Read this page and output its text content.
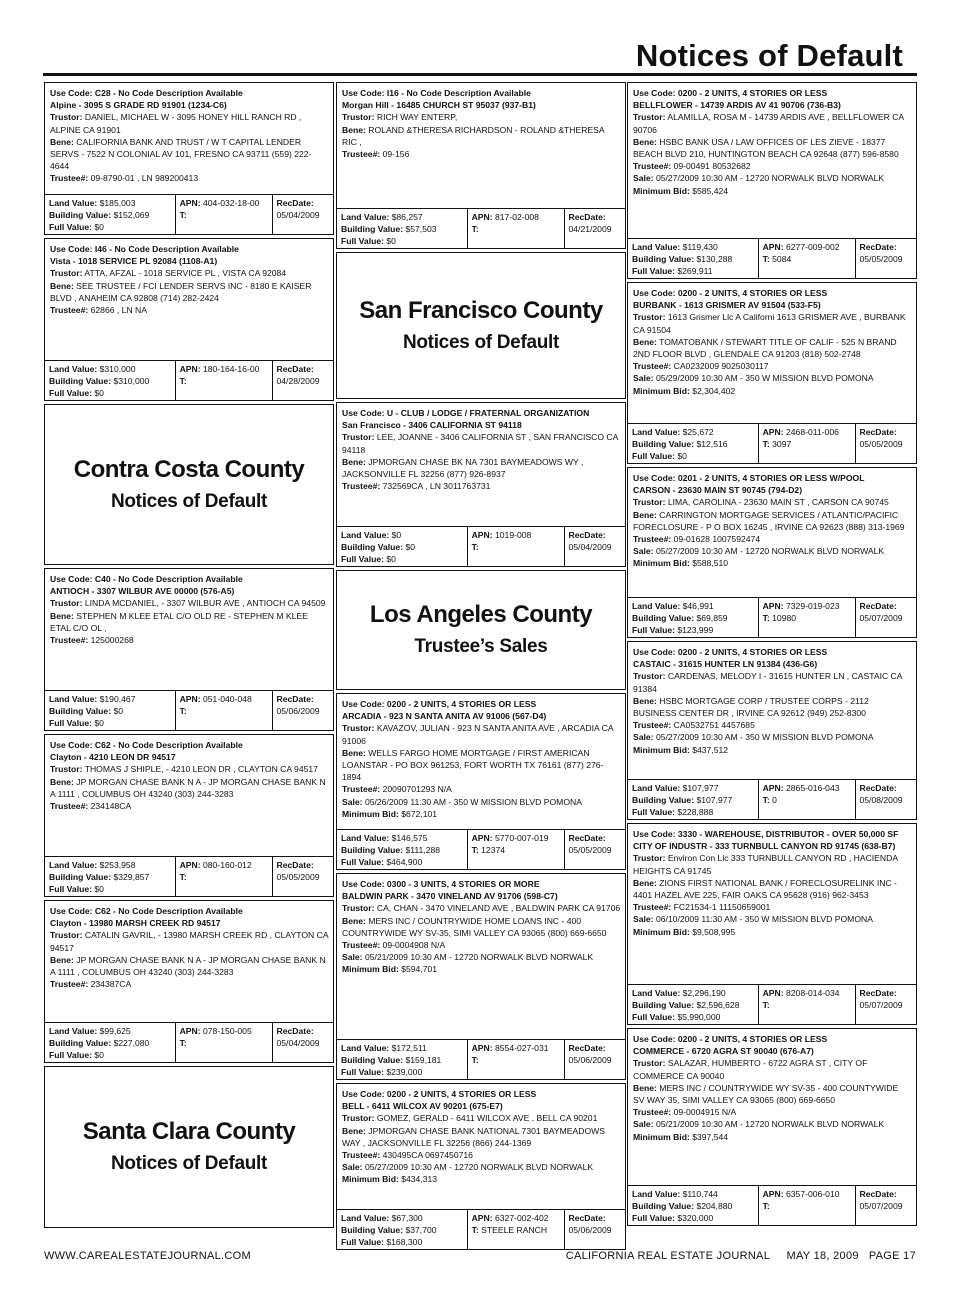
Notices of Default
Use Code: C28 - No Code Description Available
Alpine - 3095 S GRADE RD 91901 (1234-C6)
Trustor: DANIEL, MICHAEL W - 3095 HONEY HILL RANCH RD , ALPINE CA 91901
Bene: CALIFORNIA BANK AND TRUST / W T CAPITAL LENDER SERVS - 7522 N COLONIAL AV 101, FRESNO CA 93711 (559) 222-4644
Trustee#: 09-8790-01 , LN 989200413
Land Value: $185,003
Building Value: $152,069
Full Value: $0
APN: 404-032-18-00
T:
RecDate:
05/04/2009
Use Code: I46 - No Code Description Available
Vista - 1018 SERVICE PL 92084 (1108-A1)
Trustor: ATTA, AFZAL - 1018 SERVICE PL , VISTA CA 92084
Bene: SEE TRUSTEE / FCI LENDER SERVS INC - 8180 E KAISER BLVD , ANAHEIM CA 92808 (714) 282-2424
Trustee#: 62866 , LN NA
Land Value: $310,000
Building Value: $310,000
Full Value: $0
APN: 180-164-16-00
T:
RecDate:
04/28/2009
Contra Costa County
Notices of Default
Use Code: C40 - No Code Description Available
ANTIOCH - 3307 WILBUR AVE 00000 (576-A5)
Trustor: LINDA MCDANIEL, - 3307 WILBUR AVE , ANTIOCH CA 94509
Bene: STEPHEN M KLEE ETAL C/O OLD RE - STEPHEN M KLEE ETAL C/O OL ,
Trustee#: 125000268
Land Value: $190,467
Building Value: $0
Full Value: $0
APN: 051-040-048
T:
RecDate:
05/06/2009
Use Code: C62 - No Code Description Available
Clayton - 4210 LEON DR 94517
Trustor: THOMAS J SHIPLE, - 4210 LEON DR , CLAYTON CA 94517
Bene: JP MORGAN CHASE BANK N A - JP MORGAN CHASE BANK N A 1111 , COLUMBUS OH 43240 (303) 244-3283
Trustee#: 234148CA
Land Value: $253,958
Building Value: $329,857
Full Value: $0
APN: 080-160-012
T:
RecDate:
05/05/2009
Use Code: C62 - No Code Description Available
Clayton - 13980 MARSH CREEK RD 94517
Trustor: CATALIN GAVRIL, - 13980 MARSH CREEK RD , CLAYTON CA 94517
Bene: JP MORGAN CHASE BANK N A - JP MORGAN CHASE BANK N A 1111 , COLUMBUS OH 43240 (303) 244-3283
Trustee#: 234387CA
Land Value: $99,625
Building Value: $227,080
Full Value: $0
APN: 078-150-005
T:
RecDate:
05/04/2009
Santa Clara County
Notices of Default
Use Code: I16 - No Code Description Available
Morgan Hill - 16485 CHURCH ST 95037 (937-B1)
Trustor: RICH WAY ENTERP,
Bene: ROLAND &THERESA RICHARDSON - ROLAND &THERESA RIC ,
Trustee#: 09-156
Land Value: $86,257
Building Value: $57,503
Full Value: $0
APN: 817-02-008
T:
RecDate:
04/21/2009
San Francisco County
Notices of Default
Use Code: U - CLUB / LODGE / FRATERNAL ORGANIZATION
San Francisco - 3406 CALIFORNIA ST 94118
Trustor: LEE, JOANNE - 3406 CALIFORNIA ST , SAN FRANCISCO CA 94118
Bene: JPMORGAN CHASE BK NA 7301 BAYMEADOWS WY , JACKSONVILLE FL 32256 (877) 926-8937
Trustee#: 732569CA , LN 3011763731
Land Value: $0
Building Value: $0
Full Value: $0
APN: 1019-008
T:
RecDate:
05/04/2009
Los Angeles County
Trustee’s Sales
Use Code: 0200 - 2 UNITS, 4 STORIES OR LESS
ARCADIA - 923 N SANTA ANITA AV 91006 (567-D4)
Trustor: KAVAZOV, JULIAN - 923 N SANTA ANITA AVE , ARCADIA CA 91006
Bene: WELLS FARGO HOME MORTGAGE / FIRST AMERICAN LOANSTAR - PO BOX 961253, FORT WORTH TX 76161 (877) 276-1894
Trustee#: 20090701293 N/A
Sale: 05/26/2009 11:30 AM - 350 W MISSION BLVD POMONA
Minimum Bid: $672,101
Land Value: $146,575
Building Value: $111,288
Full Value: $464,900
APN: 5770-007-019
T: 12374
RecDate:
05/05/2009
Use Code: 0300 - 3 UNITS, 4 STORIES OR MORE
BALDWIN PARK - 3470 VINELAND AV 91706 (598-C7)
Trustor: CA, CHAN - 3470 VINELAND AVE , BALDWIN PARK CA 91706
Bene: MERS INC / COUNTRYWIDE HOME LOANS INC - 400 COUNTRYWIDE WY SV-35, SIMI VALLEY CA 93065 (800) 669-6650
Trustee#: 09-0004908 N/A
Sale: 05/21/2009 10:30 AM - 12720 NORWALK BLVD NORWALK
Minimum Bid: $594,701
Land Value: $172,511
Building Value: $159,181
Full Value: $239,000
APN: 8554-027-031
T:
RecDate:
05/06/2009
Use Code: 0200 - 2 UNITS, 4 STORIES OR LESS
BELL - 6411 WILCOX AV 90201 (675-E7)
Trustor: GOMEZ, GERALD - 6411 WILCOX AVE , BELL CA 90201
Bene: JPMORGAN CHASE BANK NATIONAL 7301 BAYMEADOWS WAY , JACKSONVILLE FL 32256 (866) 244-1369
Trustee#: 430495CA 0697450716
Sale: 05/27/2009 10:30 AM - 12720 NORWALK BLVD NORWALK
Minimum Bid: $434,313
Land Value: $67,300
Building Value: $37,700
Full Value: $168,300
APN: 6327-002-402
T: STEELE RANCH
RecDate:
05/06/2009
Use Code: 0200 - 2 UNITS, 4 STORIES OR LESS
BELLFLOWER - 14739 ARDIS AV 41 90706 (736-B3)
Trustor: ALAMILLA, ROSA M - 14739 ARDIS AVE , BELLFLOWER CA 90706
Bene: HSBC BANK USA / LAW OFFICES OF LES ZIEVE - 18377 BEACH BLVD 210, HUNTINGTON BEACH CA 92648 (877) 596-8580
Trustee#: 09-00491 80532682
Sale: 05/27/2009 10:30 AM - 12720 NORWALK BLVD NORWALK
Minimum Bid: $585,424
Land Value: $119,430
Building Value: $130,288
Full Value: $269,911
APN: 6277-009-002
T: 5084
RecDate:
05/05/2009
Use Code: 0200 - 2 UNITS, 4 STORIES OR LESS
BURBANK - 1613 GRISMER AV 91504 (533-F5)
Trustor: 1613 Grismer Llc A Californi 1613 GRISMER AVE , BURBANK CA 91504
Bene: TOMATOBANK / STEWART TITLE OF CALIF - 525 N BRAND 2ND FLOOR BLVD , GLENDALE CA 91203 (818) 502-2748
Trustee#: CA0232009 9025030117
Sale: 05/29/2009 10:30 AM - 350 W MISSION BLVD POMONA
Minimum Bid: $2,304,402
Land Value: $25,672
Building Value: $12,516
Full Value: $0
APN: 2468-011-006
T: 3097
RecDate:
05/05/2009
Use Code: 0201 - 2 UNITS, 4 STORIES OR LESS W/POOL
CARSON - 23630 MAIN ST 90745 (794-D2)
Trustor: LIMA, CAROLINA - 23630 MAIN ST , CARSON CA 90745
Bene: CARRINGTON MORTGAGE SERVICES / ATLANTIC/PACIFIC FORECLOSURE - P O BOX 16245 , IRVINE CA 92623 (888) 313-1969
Trustee#: 09-01628 1007592474
Sale: 05/27/2009 10:30 AM - 12720 NORWALK BLVD NORWALK
Minimum Bid: $588,510
Land Value: $46,991
Building Value: $69,859
Full Value: $123,999
APN: 7329-019-023
T: 10980
RecDate:
05/07/2009
Use Code: 0200 - 2 UNITS, 4 STORIES OR LESS
CASTAIC - 31615 HUNTER LN 91384 (436-G6)
Trustor: CARDENAS, MELODY I - 31615 HUNTER LN , CASTAIC CA 91384
Bene: HSBC MORTGAGE CORP / TRUSTEE CORPS - 2112 BUSINESS CENTER DR , IRVINE CA 92612 (949) 252-8300
Trustee#: CA0532751 4457685
Sale: 05/27/2009 10:30 AM - 350 W MISSION BLVD POMONA
Minimum Bid: $437,512
Land Value: $107,977
Building Value: $107,977
Full Value: $228,888
APN: 2865-016-043
T: 0
RecDate:
05/08/2009
Use Code: 3330 - WAREHOUSE, DISTRIBUTOR - OVER 50,000 SF
CITY OF INDUSTR - 333 TURNBULL CANYON RD 91745 (638-B7)
Trustor: Environ Con Llc 333 TURNBULL CANYON RD , HACIENDA HEIGHTS CA 91745
Bene: ZIONS FIRST NATIONAL BANK / FORECLOSURELINK INC - 4401 HAZEL AVE 225, FAIR OAKS CA 95628 (916) 962-3453
Trustee#: FC21534-1 11150659001
Sale: 06/10/2009 11:30 AM - 350 W MISSION BLVD POMONA
Minimum Bid: $9,508,995
Land Value: $2,296,190
Building Value: $2,596,628
Full Value: $5,990,000
APN: 8208-014-034
T:
RecDate:
05/07/2009
Use Code: 0200 - 2 UNITS, 4 STORIES OR LESS
COMMERCE - 6720 AGRA ST 90040 (676-A7)
Trustor: SALAZAR, HUMBERTO - 6722 AGRA ST , CITY OF COMMERCE CA 90040
Bene: MERS INC / COUNTRYWIDE WY SV-35 - 400 COUNTYWIDE SV WAY 35, SIMI VALLEY CA 93065 (800) 669-6650
Trustee#: 09-0004915 N/A
Sale: 05/21/2009 10:30 AM - 12720 NORWALK BLVD NORWALK
Minimum Bid: $397,544
Land Value: $110,744
Building Value: $204,880
Full Value: $320,000
APN: 6357-006-010
T:
RecDate:
05/07/2009
WWW.CAREALESTATEJOURNAL.COM	CALIFORNIA REAL ESTATE JOURNAL     MAY 18, 2009   PAGE 17
